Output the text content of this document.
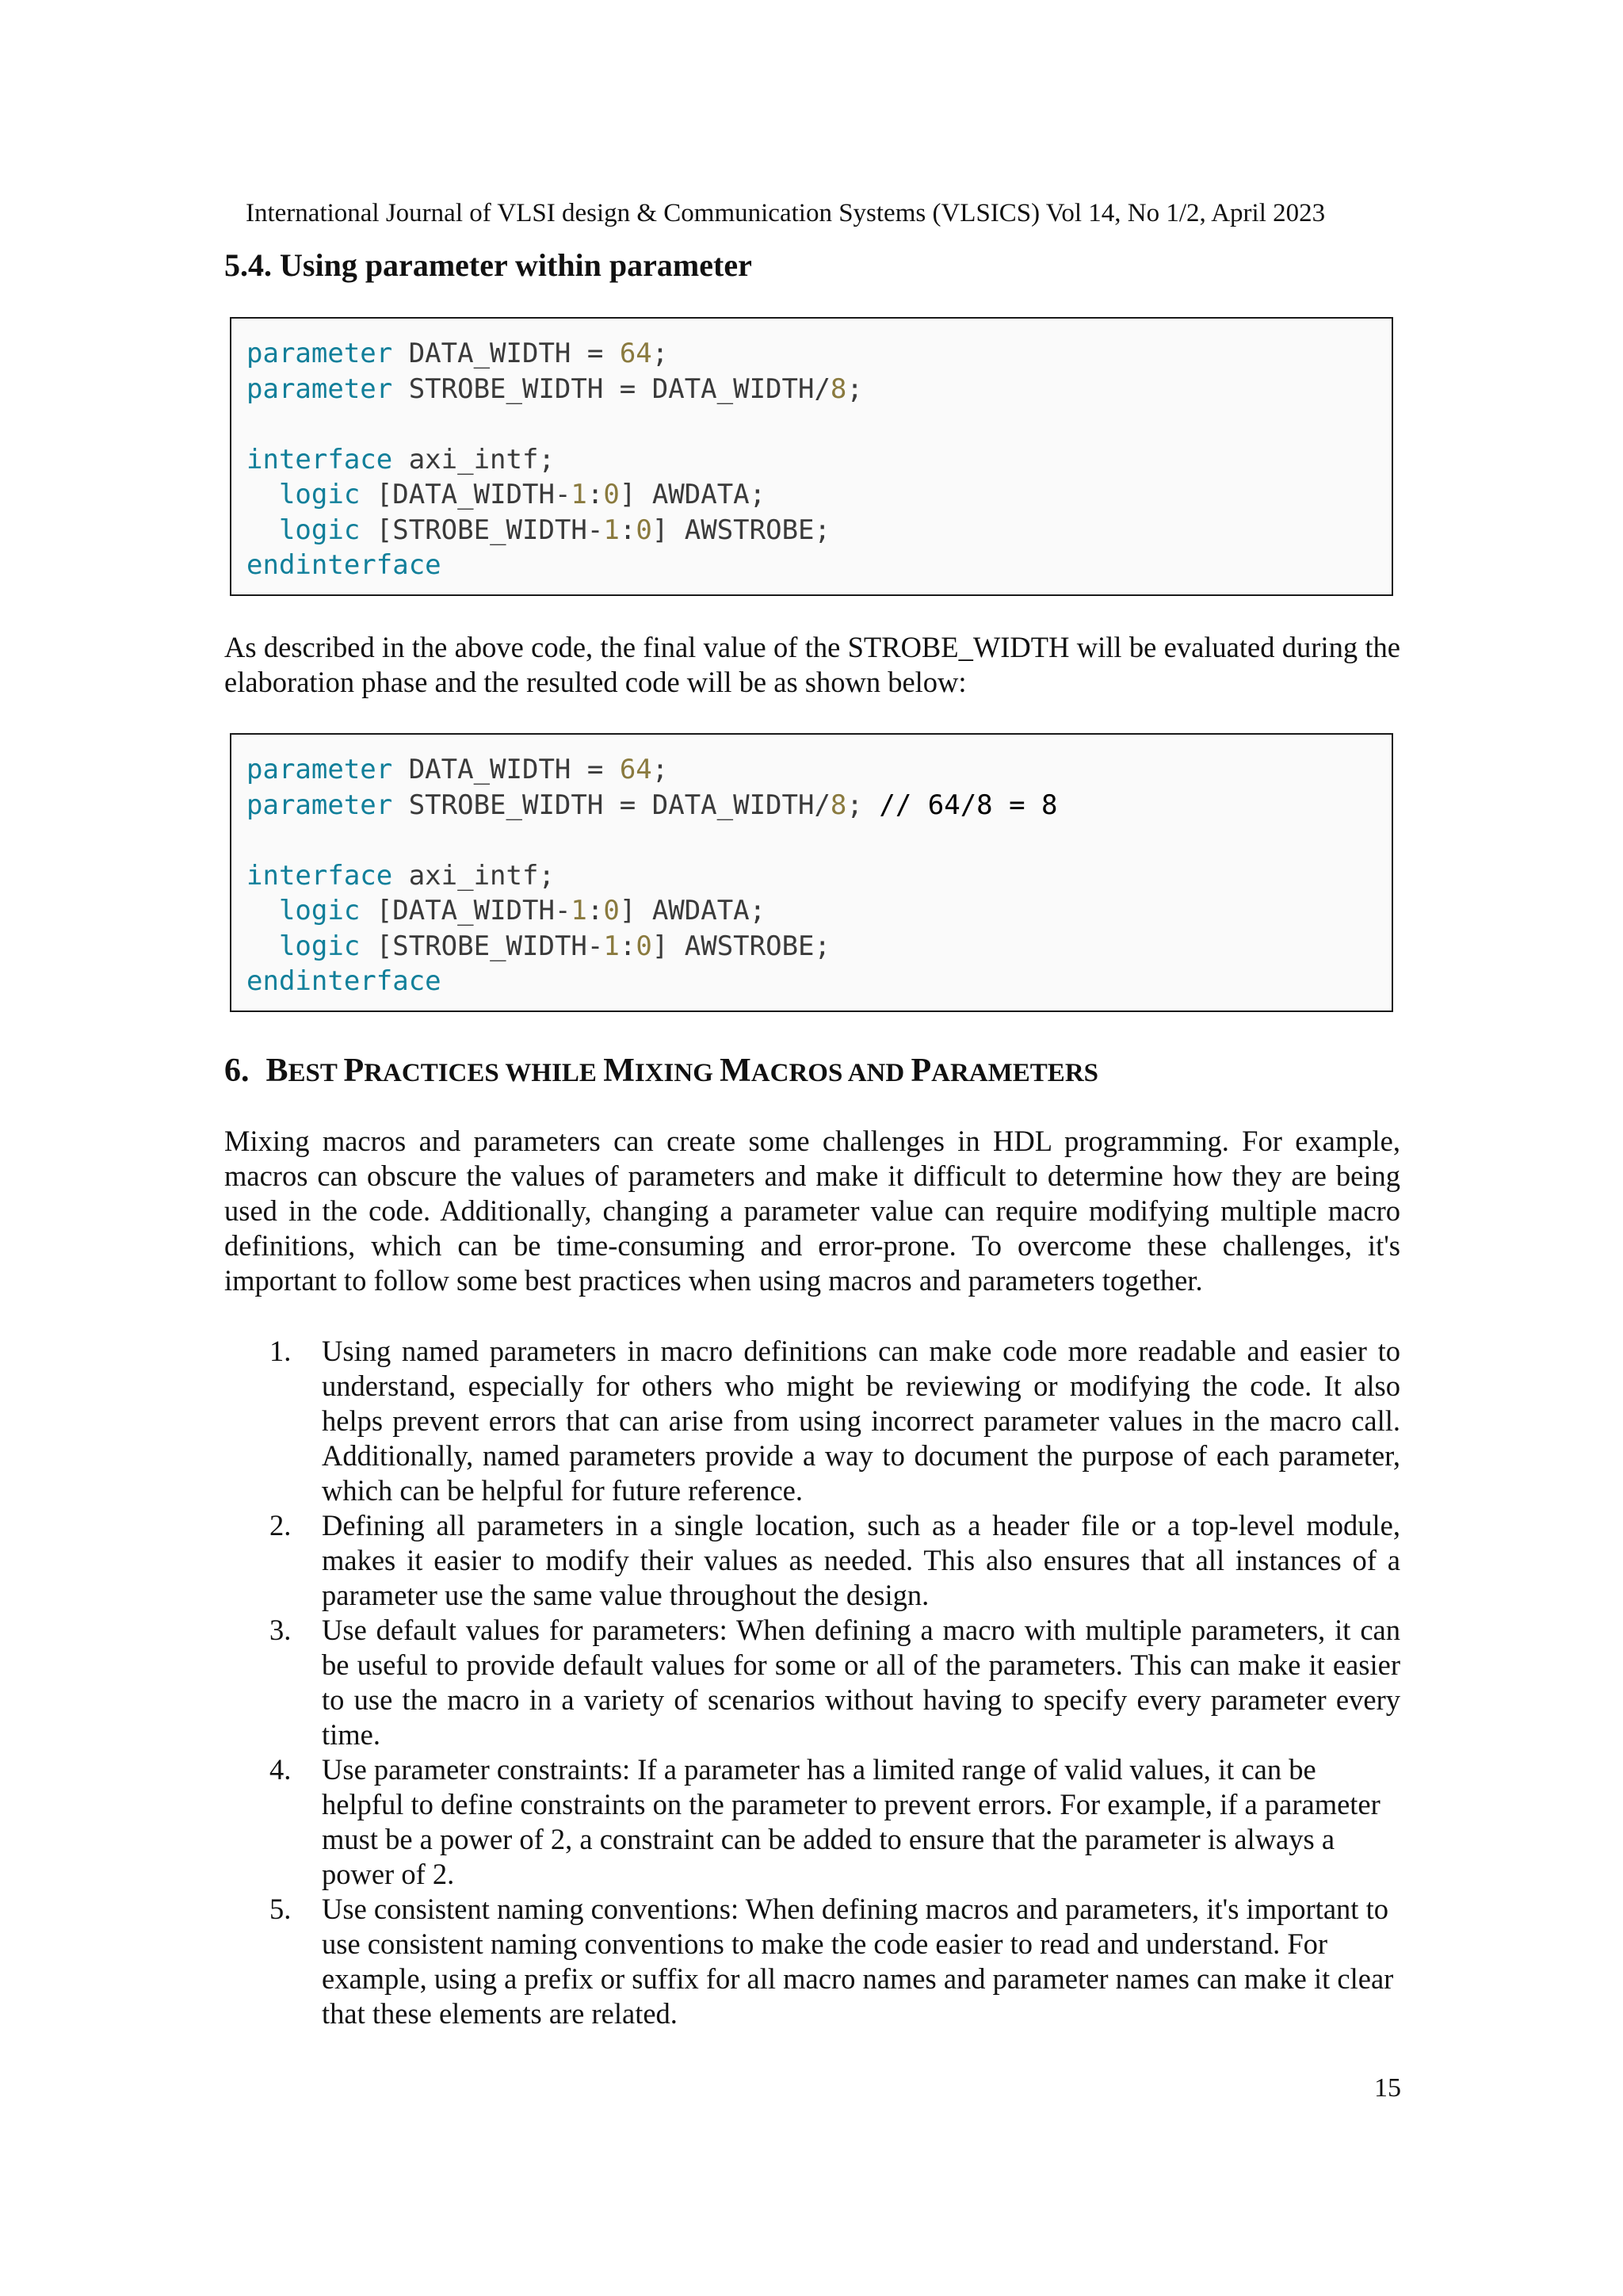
International Journal of VLSI design & Communication Systems (VLSICS) Vol 14, No 1/2, April 2023
5.4. Using parameter within parameter
parameter DATA_WIDTH = 64;
parameter STROBE_WIDTH = DATA_WIDTH/8;
interface axi_intf;
logic [DATA_WIDTH-1:0] AWDATA;
logic [STROBE_WIDTH-1:0] AWSTROBE;
endinterface

As described in the above code, the final value of the STROBE_WIDTH will be evaluated during the elaboration phase and the resulted code will be as shown below:

parameter DATA_WIDTH = 64;
parameter STROBE_WIDTH = DATA_WIDTH/8; // 64/8 = 8
interface axi_intf;
logic [DATA_WIDTH-1:0] AWDATA;
logic [STROBE_WIDTH-1:0] AWSTROBE;
endinterface
6. BEST PRACTICES WHILE MIXING MACROS AND PARAMETERS

Mixing macros and parameters can create some challenges in HDL programming. For example, macros can obscure the values of parameters and make it difficult to determine how they are being used in the code. Additionally, changing a parameter value can require modifying multiple macro definitions, which can be time-consuming and error-prone. To overcome these challenges, it's important to follow some best practices when using macros and parameters together.

1.	Using named parameters in macro definitions can make code more readable and easier to understand, especially for others who might be reviewing or modifying the code. It also helps prevent errors that can arise from using incorrect parameter values in the macro call. Additionally, named parameters provide a way to document the purpose of each parameter, which can be helpful for future reference.
2.	Defining all parameters in a single location, such as a header file or a top-level module, makes it easier to modify their values as needed. This also ensures that all instances of a parameter use the same value throughout the design.
3.	Use default values for parameters: When defining a macro with multiple parameters, it can be useful to provide default values for some or all of the parameters. This can make it easier to use the macro in a variety of scenarios without having to specify every parameter every time.
4.	Use parameter constraints: If a parameter has a limited range of valid values, it can be helpful to define constraints on the parameter to prevent errors. For example, if a parameter must be a power of 2, a constraint can be added to ensure that the parameter is always a power of 2.
5.	Use consistent naming conventions: When defining macros and parameters, it's important to use consistent naming conventions to make the code easier to read and understand. For example, using a prefix or suffix for all macro names and parameter names can make it clear that these elements are related.
15
